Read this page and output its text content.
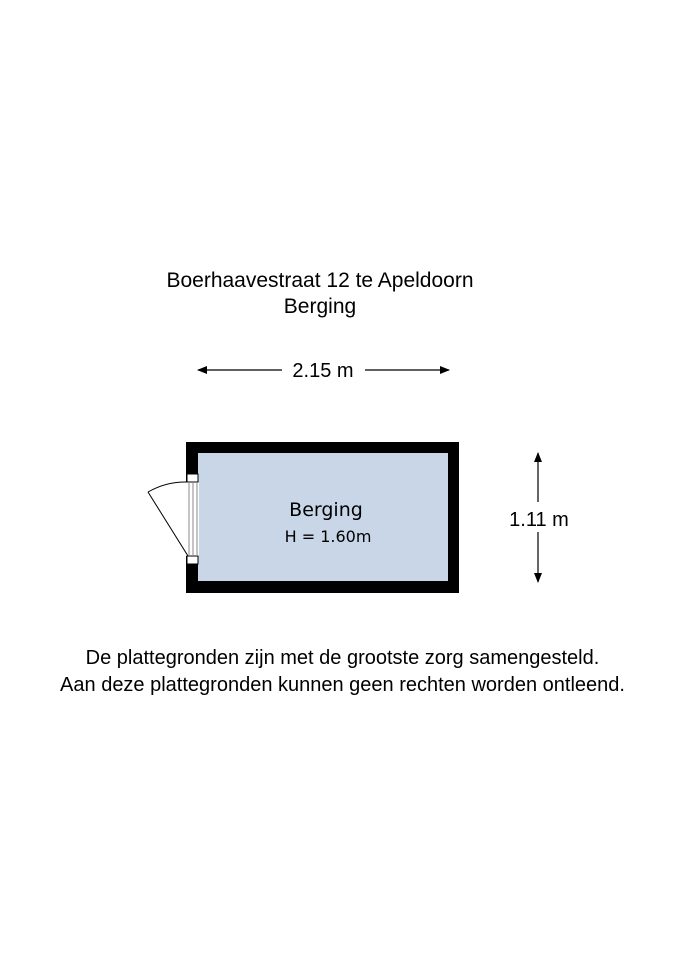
Boerhaavestraat 12 te Apeldoorn
Berging
2.15 m
1.11 m
Berging
H = 1.60m
De plattegronden zijn met de grootste zorg samengesteld.
Aan deze plattegronden kunnen geen rechten worden ontleend.
